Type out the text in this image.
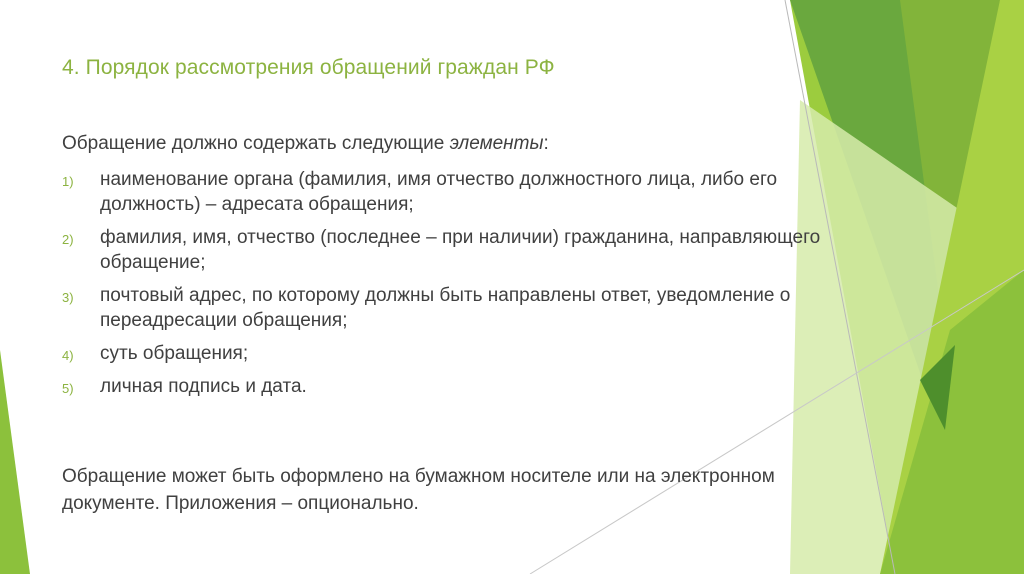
4. Порядок рассмотрения обращений граждан РФ

Обращение должно содержать следующие элементы:

1) наименование органа (фамилия, имя отчество должностного лица, либо его должность) – адресата обращения;
2) фамилия, имя, отчество (последнее – при наличии) гражданина, направляющего обращение;
3) почтовый адрес, по которому должны быть направлены ответ, уведомление о переадресации обращения;
4) суть обращения;
5) личная подпись и дата.

Обращение может быть оформлено на бумажном носителе или на электронном документе. Приложения – опционально.
